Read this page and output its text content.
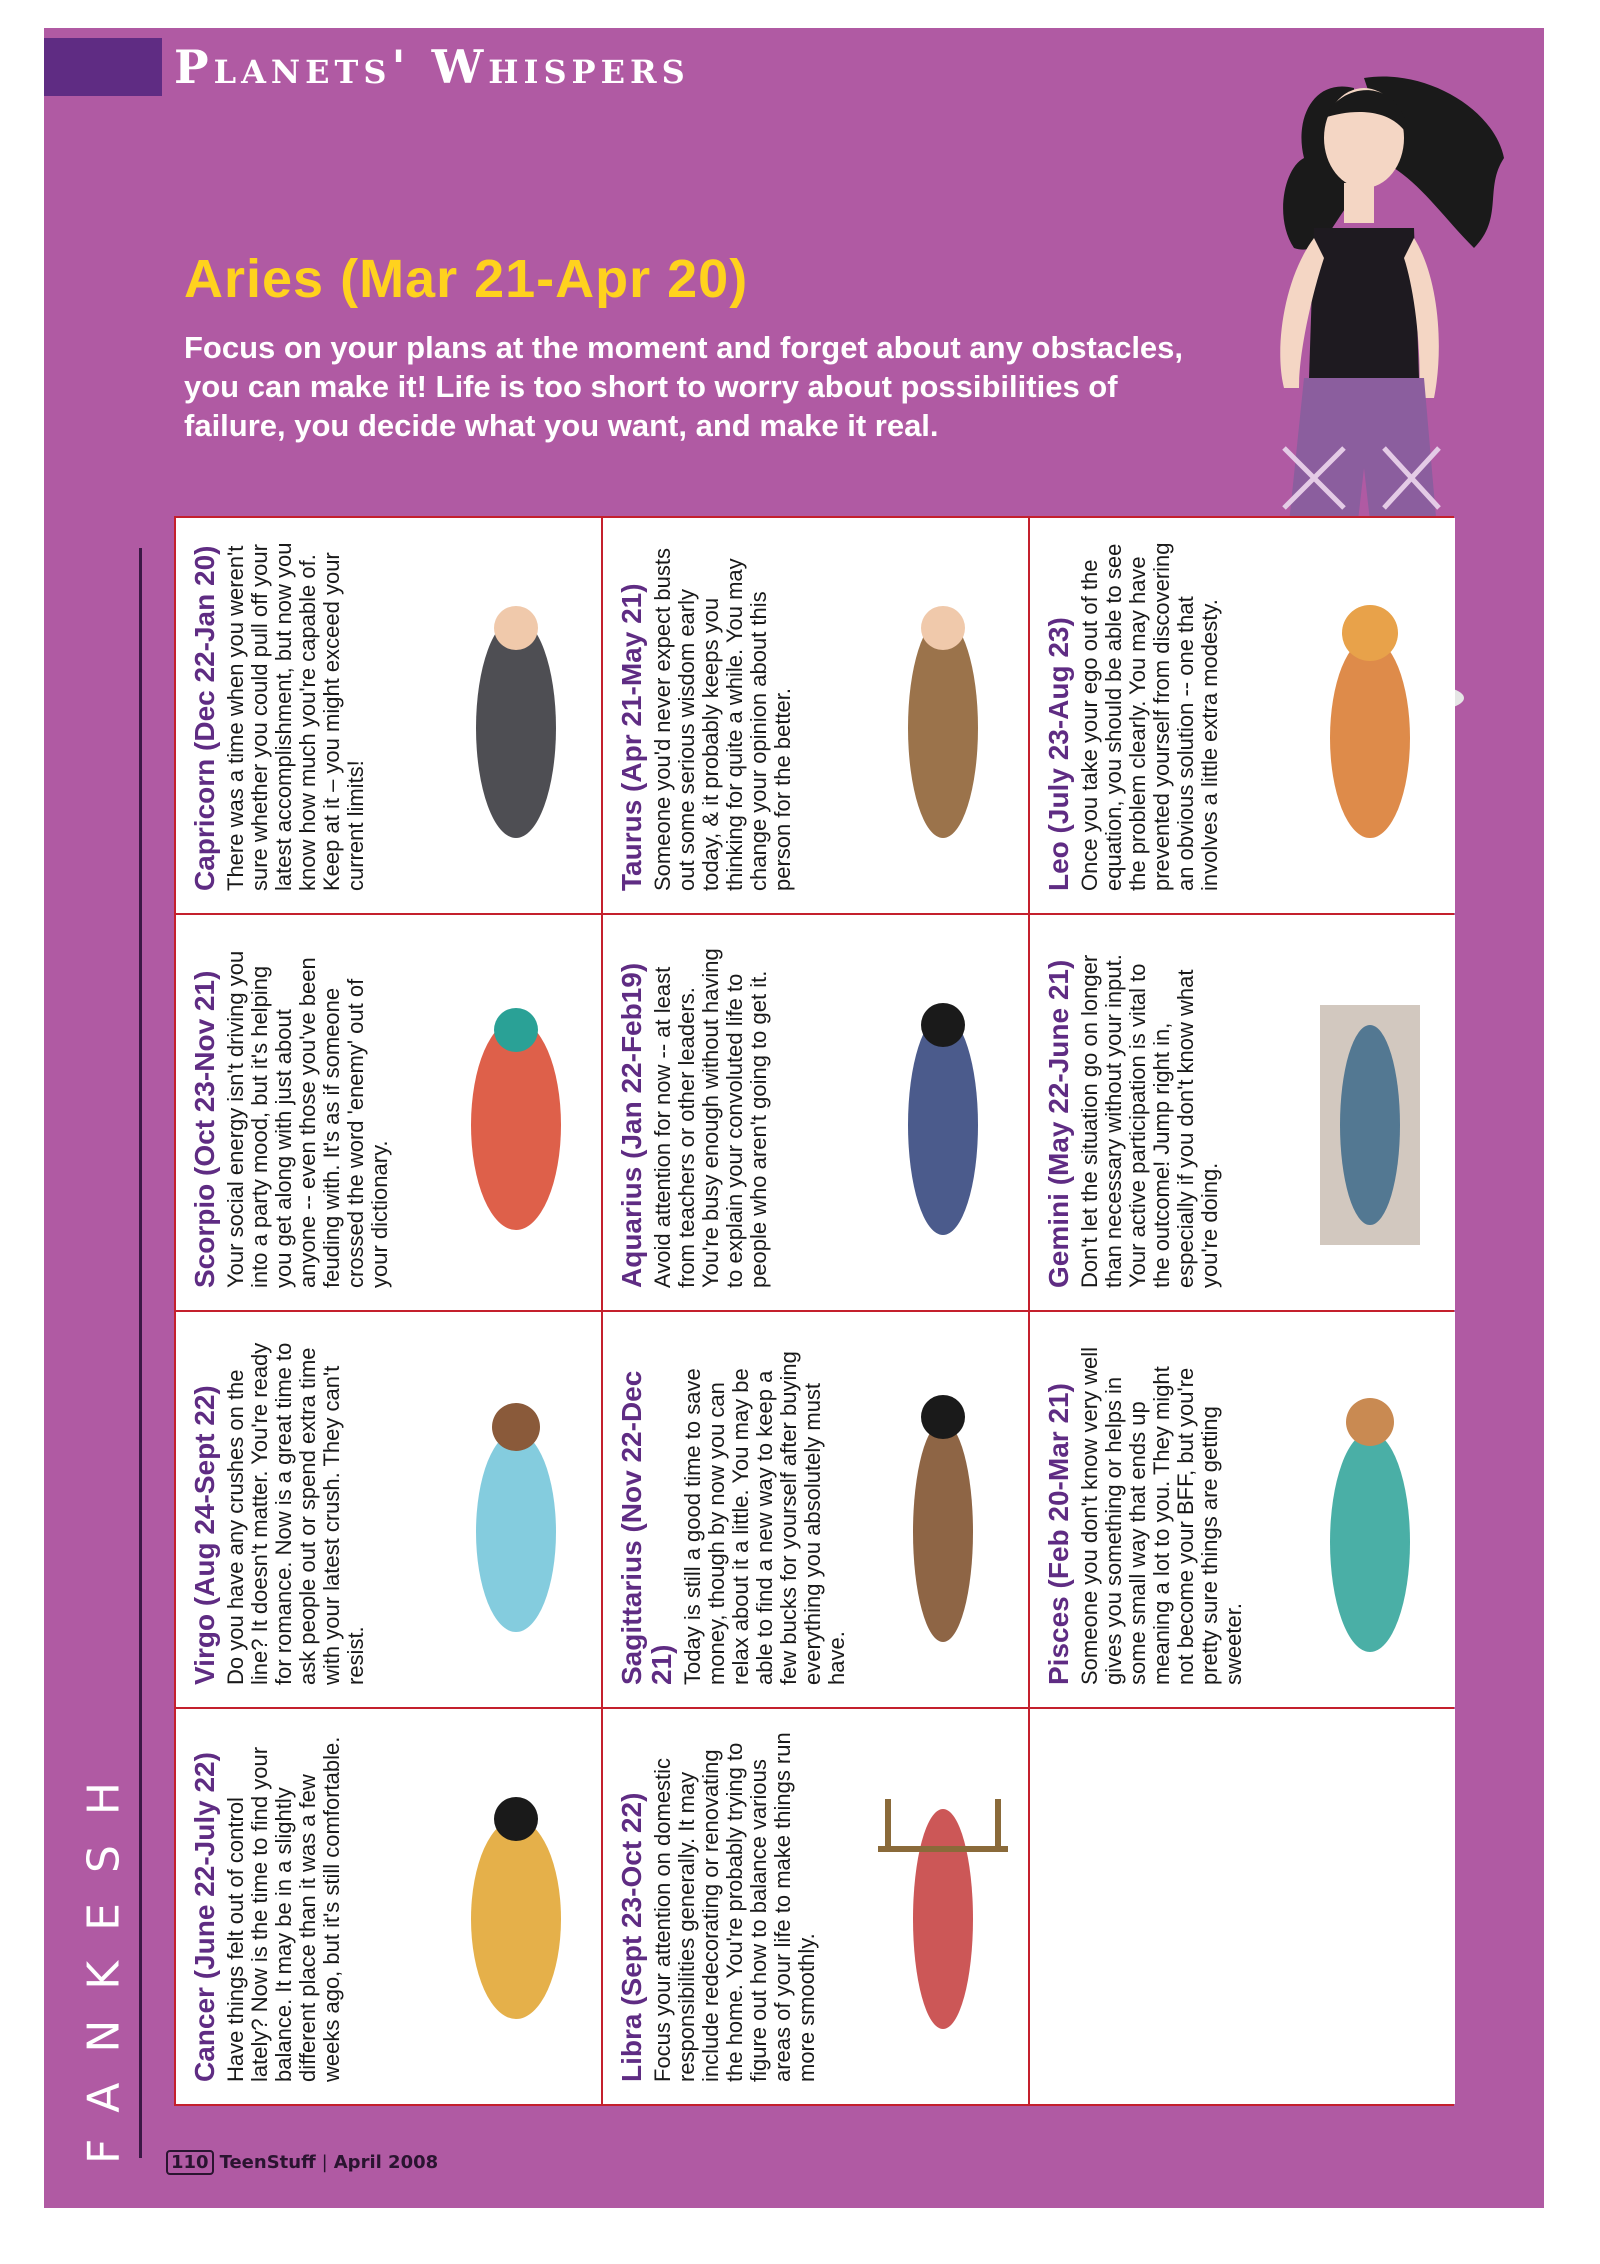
Planets' Whispers
Aries (Mar 21-Apr 20)
Focus on your plans at the moment and forget about any obstacles, you can make it! Life is too short to worry about possibilities of failure, you decide what you want, and make it real.
FANKESH 110 TeenStuff | April 2008
Capricorn (Dec 22-Jan 20) There was a time when you weren't sure whether you could pull off your latest accomplishment, but now you know how much you're capable of. Keep at it – you might exceed your current limits!	Taurus (Apr 21-May 21) Someone you'd never expect busts out some serious wisdom early today, & it probably keeps you thinking for quite a while. You may change your opinion about this person for the better.	Leo (July 23-Aug 23) Once you take your ego out of the equation, you should be able to see the problem clearly. You may have prevented yourself from discovering an obvious solution -- one that involves a little extra modesty.
Scorpio (Oct 23-Nov 21) Your social energy isn't driving you into a party mood, but it's helping you get along with just about anyone -- even those you've been feuding with. It's as if someone crossed the word 'enemy' out of your dictionary.	Aquarius (Jan 22-Feb19) Avoid attention for now -- at least from teachers or other leaders. You're busy enough without having to explain your convoluted life to people who aren't going to get it.	Gemini (May 22-June 21) Don't let the situation go on longer than necessary without your input. Your active participation is vital to the outcome! Jump right in, especially if you don't know what you're doing.
Virgo (Aug 24-Sept 22) Do you have any crushes on the line? It doesn't matter. You're ready for romance. Now is a great time to ask people out or spend extra time with your latest crush. They can't resist.	Sagittarius (Nov 22-Dec 21) Today is still a good time to save money, though by now you can relax about it a little. You may be able to find a new way to keep a few bucks for yourself after buying everything you absolutely must have.	Pisces (Feb 20-Mar 21) Someone you don't know very well gives you something or helps in some small way that ends up meaning a lot to you. They might not become your BFF, but you're pretty sure things are getting sweeter.
Cancer (June 22-July 22) Have things felt out of control lately? Now is the time to find your balance. It may be in a slightly different place than it was a few weeks ago, but it's still comfortable.	Libra (Sept 23-Oct 22) Focus your attention on domestic responsibilities generally. It may include redecorating or renovating the home. You're probably trying to figure out how to balance various areas of your life to make things run more smoothly.
